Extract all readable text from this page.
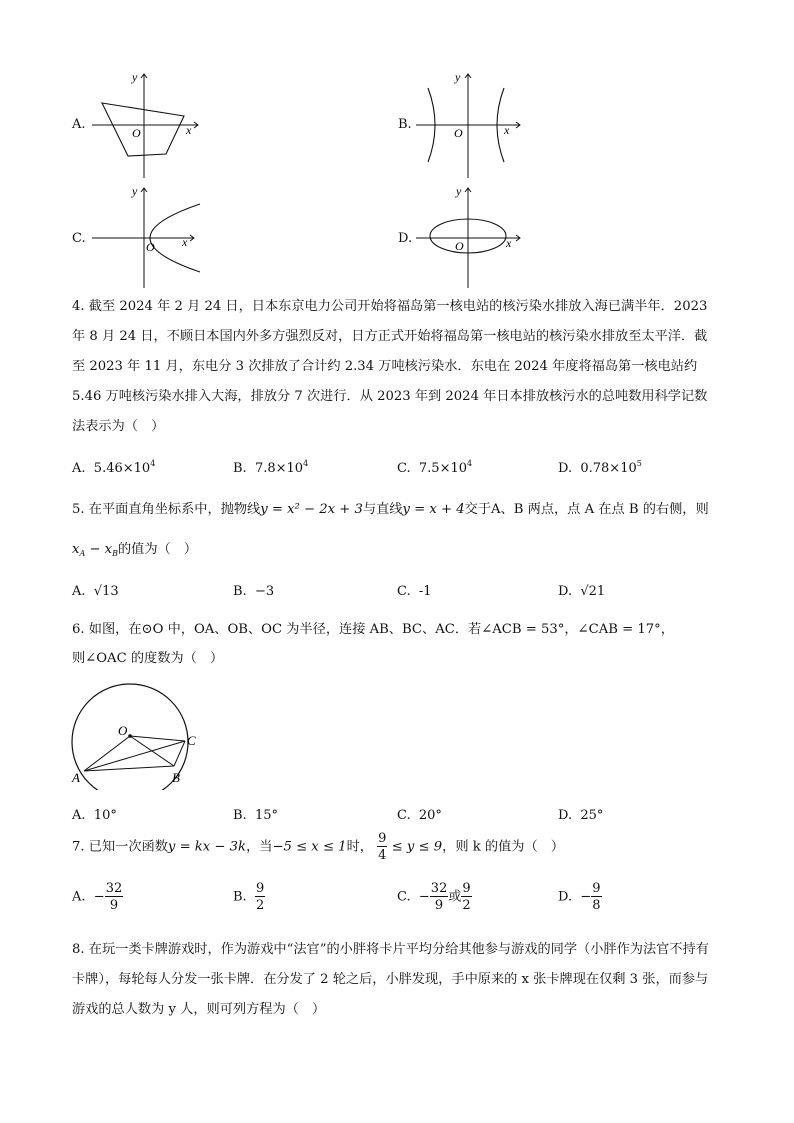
A.
y
x
O
B.
y
x
O
C.
y
x
O
D.
y
x
O
4. 截至 2024 年 2 月 24 日，日本东京电力公司开始将福岛第一核电站的核污染水排放入海已满半年．2023 年 8 月 24 日，不顾日本国内外多方强烈反对，日方正式开始将福岛第一核电站的核污染水排放至太平洋．截至 2023 年 11 月，东电分 3 次排放了合计约 2.34 万吨核污染水．东电在 2024 年度将福岛第一核电站约 5.46 万吨核污染水排入大海，排放分 7 次进行．从 2023 年到 2024 年日本排放核污水的总吨数用科学记数法表示为（　）
A. $5.46\times 10^4$	B. $7.8\times 10^4$	C. $7.5\times 10^4$	D. $0.78\times 10^5$
5. 在平面直角坐标系中，抛物线y = x² − 2x + 3与直线y = x + 4交于A、B 两点，点 A 在点 B 的右侧，则
$x_A - x_B$的值为（　）
A. √13	B. −3	C. -1	D. √21
6. 如图，在⊙O 中，OA、OB、OC 为半径，连接 AB、BC、AC．若∠ACB = 53°，∠CAB = 17°，
则∠OAC 的度数为（　）
O
A	B
C
A. 10°	B. 15°	C. 20°	D. 25°
7. 已知一次函数y = kx − 3k，当−5 ≤ x ≤ 1时， $\frac{9}{4} \le y \le 9$，则 k 的值为（　）
A. − $\frac{32}{9}$	B. $\frac{9}{2}$	C. − $\frac{32}{9}$ 或 $\frac{9}{2}$	D. − $\frac{9}{8}$
8. 在玩一类卡牌游戏时，作为游戏中“法官”的小胖将卡片平均分给其他参与游戏的同学（小胖作为法官不持有卡牌），每轮每人分发一张卡牌．在分发了 2 轮之后，小胖发现，手中原来的 x 张卡牌现在仅剩 3 张，而参与游戏的总人数为 y 人，则可列方程为（　）
